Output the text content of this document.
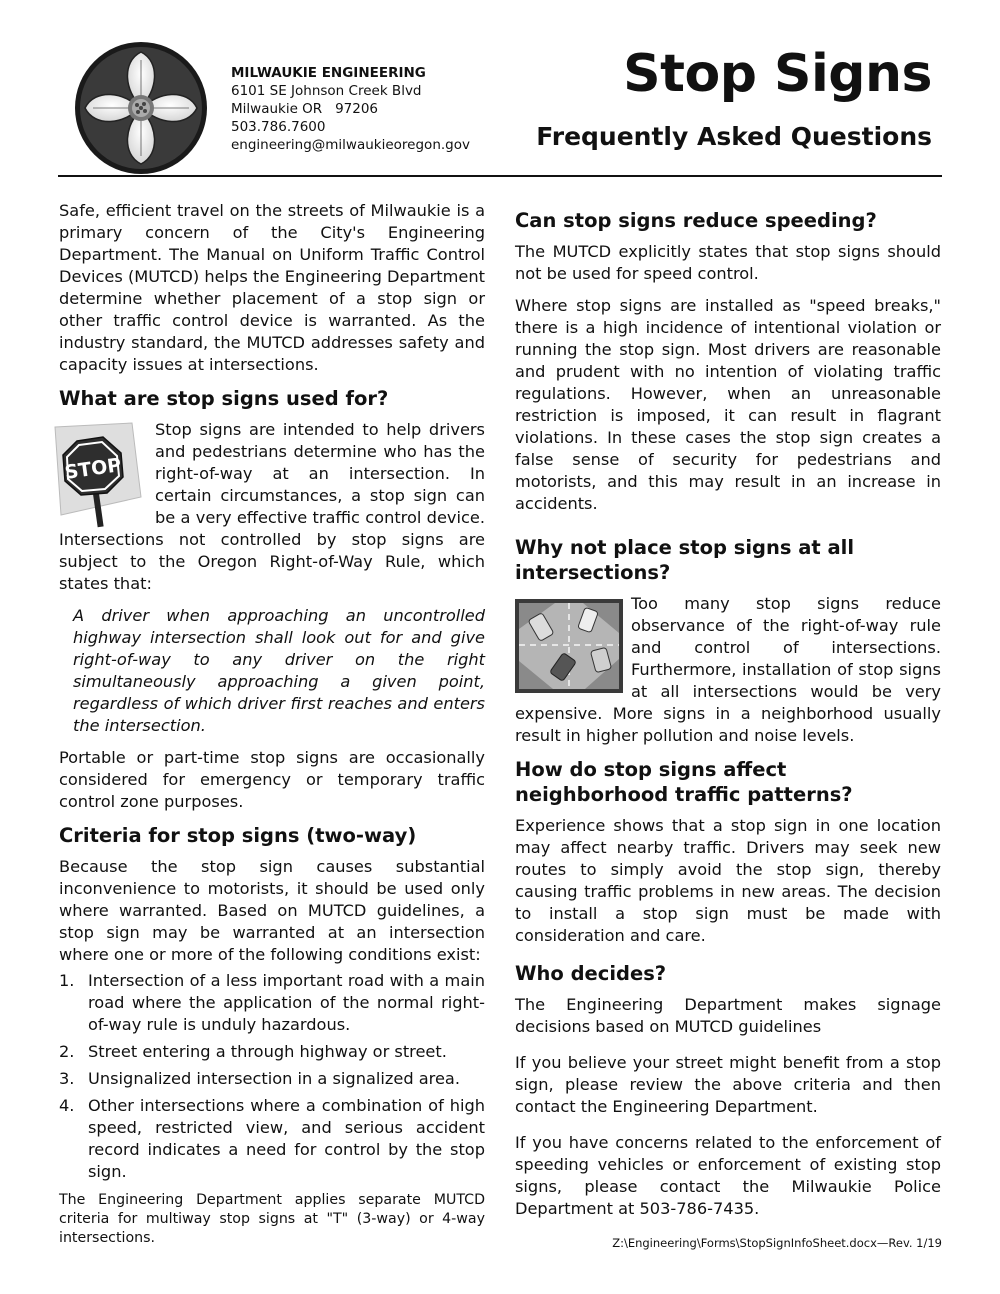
MILWAUKIE ENGINEERING
6101 SE Johnson Creek Blvd
Milwaukie OR   97206
503.786.7600
engineering@milwaukieoregon.gov
Stop Signs
Frequently Asked Questions

Safe, efficient travel on the streets of Milwaukie is a primary concern of the City's Engineering Department. The Manual on Uniform Traffic Control Devices (MUTCD) helps the Engineering Department determine whether placement of a stop sign or other traffic control device is warranted. As the industry standard, the MUTCD addresses safety and capacity issues at intersections.

What are stop signs used for?
STOP

Stop signs are intended to help drivers and pedestrians determine who has the right-of-way at an intersection. In certain circumstances, a stop sign can be a very effective traffic control device. Intersections not controlled by stop signs are subject to the Oregon Right-of-Way Rule, which states that:

A driver when approaching an uncontrolled highway intersection shall look out for and give right-of-way to any driver on the right simultaneously approaching a given point, regardless of which driver first reaches and enters the intersection.

Portable or part-time stop signs are occasionally considered for emergency or temporary traffic control zone purposes.

Criteria for stop signs (two-way)

Because the stop sign causes substantial inconvenience to motorists, it should be used only where warranted. Based on MUTCD guidelines, a stop sign may be warranted at an intersection where one or more of the following conditions exist:

1. Intersection of a less important road with a main road where the application of the normal right-of-way rule is unduly hazardous.
2. Street entering a through highway or street.
3. Unsignalized intersection in a signalized area.
4. Other intersections where a combination of high speed, restricted view, and serious accident record indicates a need for control by the stop sign.

The Engineering Department applies separate MUTCD criteria for multiway stop signs at "T" (3-way) or 4-way intersections.

Can stop signs reduce speeding?

The MUTCD explicitly states that stop signs should not be used for speed control.

Where stop signs are installed as "speed breaks," there is a high incidence of intentional violation or running the stop sign. Most drivers are reasonable and prudent with no intention of violating traffic regulations. However, when an unreasonable restriction is imposed, it can result in flagrant violations. In these cases the stop sign creates a false sense of security for pedestrians and motorists, and this may result in an increase in accidents.

Why not place stop signs at all intersections?

Too many stop signs reduce observance of the right-of-way rule and control of intersections. Furthermore, installation of stop signs at all intersections would be very expensive. More signs in a neighborhood usually result in higher pollution and noise levels.

How do stop signs affect neighborhood traffic patterns?

Experience shows that a stop sign in one location may affect nearby traffic. Drivers may seek new routes to simply avoid the stop sign, thereby causing traffic problems in new areas. The decision to install a stop sign must be made with consideration and care.

Who decides?

The Engineering Department makes signage decisions based on MUTCD guidelines

If you believe your street might benefit from a stop sign, please review the above criteria and then contact the Engineering Department.

If you have concerns related to the enforcement of speeding vehicles or enforcement of existing stop signs, please contact the Milwaukie Police Department at 503-786-7435.

Z:\Engineering\Forms\StopSignInfoSheet.docx—Rev. 1/19
